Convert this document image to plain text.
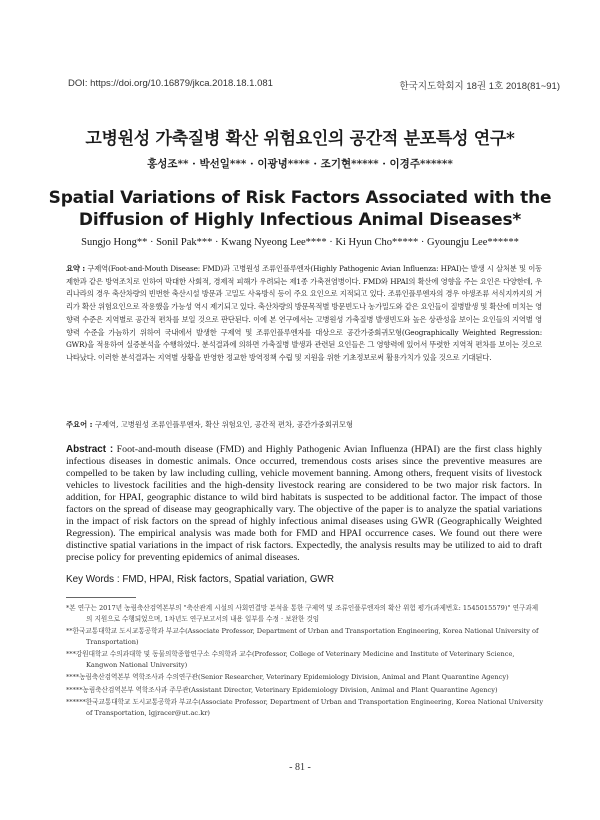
DOI: https://doi.org/10.16879/jkca.2018.18.1.081	한국지도학회지 18권 1호 2018(81~91)
고병원성 가축질병 확산 위험요인의 공간적 분포특성 연구*
홍성조** · 박선일*** · 이광녕**** · 조기현***** · 이경주******
Spatial Variations of Risk Factors Associated with the
Diffusion of Highly Infectious Animal Diseases*
Sungjo Hong** · Sonil Pak*** · Kwang Nyeong Lee**** · Ki Hyun Cho***** · Gyoungju Lee******
요약 : 구제역(Foot-and-Mouth Disease: FMD)과 고병원성 조류인플루엔자(Highly Pathogenic Avian Influenza: HPAI)는 발생 시 살처분 및 이동제한과 같은 방역조치로 인하여 막대한 사회적, 경제적 피해가 우려되는 제1종 가축전염병이다. FMD와 HPAI의 확산에 영향을 주는 요인은 다양한데, 우리나라의 경우 축산차량의 빈번한 축산시설 방문과 고밀도 사육방식 등이 주요 요인으로 지적되고 있다. 조류인플루엔자의 경우 야생조류 서식지까지의 거리가 확산 위험요인으로 작용했을 가능성 역시 제기되고 있다. 축산차량의 방문목적별 방문빈도나 농가밀도와 같은 요인들이 질병발생 및 확산에 미치는 영향력 수준은 지역별로 공간적 편차를 보일 것으로 판단된다. 이에 본 연구에서는 고병원성 가축질병 발생빈도와 높은 상관성을 보이는 요인들의 지역별 영향력 수준을 가늠하기 위하여 국내에서 발생한 구제역 및 조류인플루엔자를 대상으로 공간가중회귀모형(Geographically Weighted Regression: GWR)을 적용하여 실증분석을 수행하였다. 분석결과에 의하면 가축질병 발생과 관련된 요인들은 그 영향력에 있어서 뚜렷한 지역적 편차를 보이는 것으로 나타났다. 이러한 분석결과는 지역별 상황을 반영한 정교한 방역정책 수립 및 지원을 위한 기초정보로써 활용가치가 있을 것으로 기대된다.
주요어 : 구제역, 고병원성 조류인플루엔자, 확산 위험요인, 공간적 편차, 공간가중회귀모형
Abstract : Foot-and-mouth disease (FMD) and Highly Pathogenic Avian Influenza (HPAI) are the first class highly infectious diseases in domestic animals. Once occurred, tremendous costs arises since the preventive measures are compelled to be taken by law including culling, vehicle movement banning. Among others, frequent visits of livestock vehicles to livestock facilities and the high-density livestock rearing are considered to be two major risk factors. In addition, for HPAI, geographic distance to wild bird habitats is suspected to be additional factor. The impact of those factors on the spread of disease may geographically vary. The objective of the paper is to analyze the spatial variations in the impact of risk factors on the spread of highly infectious animal diseases using GWR (Geographically Weighted Regression). The empirical analysis was made both for FMD and HPAI occurrence cases. We found out there were distinctive spatial variations in the impact of risk factors. Expectedly, the analysis results may be utilized to aid to draft precise policy for preventing epidemics of animal diseases.
Key Words : FMD, HPAI, Risk factors, Spatial variation, GWR

*본 연구는 2017년 농림축산검역본부의 "축산관계 시설의 사회연결망 분석을 통한 구제역 및 조류인플루엔자의 확산 위험 평가(과제번호: 1545015579)" 연구과제의 지원으로 수행되었으며, 1차년도 연구보고서의 내용 일부를 수정 · 보완한 것임

**한국교통대학교 도시교통공학과 부교수(Associate Professor, Department of Urban and Transportation Engineering, Korea National University of Transportation)

***강원대학교 수의과대학 및 동물의학종합연구소 수의학과 교수(Professor, College of Veterinary Medicine and Institute of Veterinary Science, Kangwon National University)

****농림축산검역본부 역학조사과 수의연구관(Senior Researcher, Veterinary Epidemiology Division, Animal and Plant Quarantine Agency)

*****농림축산검역본부 역학조사과 주무관(Assistant Director, Veterinary Epidemiology Division, Animal and Plant Quarantine Agency)

******한국교통대학교 도시교통공학과 부교수(Associate Professor, Department of Urban and Transportation Engineering, Korea National University of Transportation, lgjracer@ut.ac.kr)

- 81 -
